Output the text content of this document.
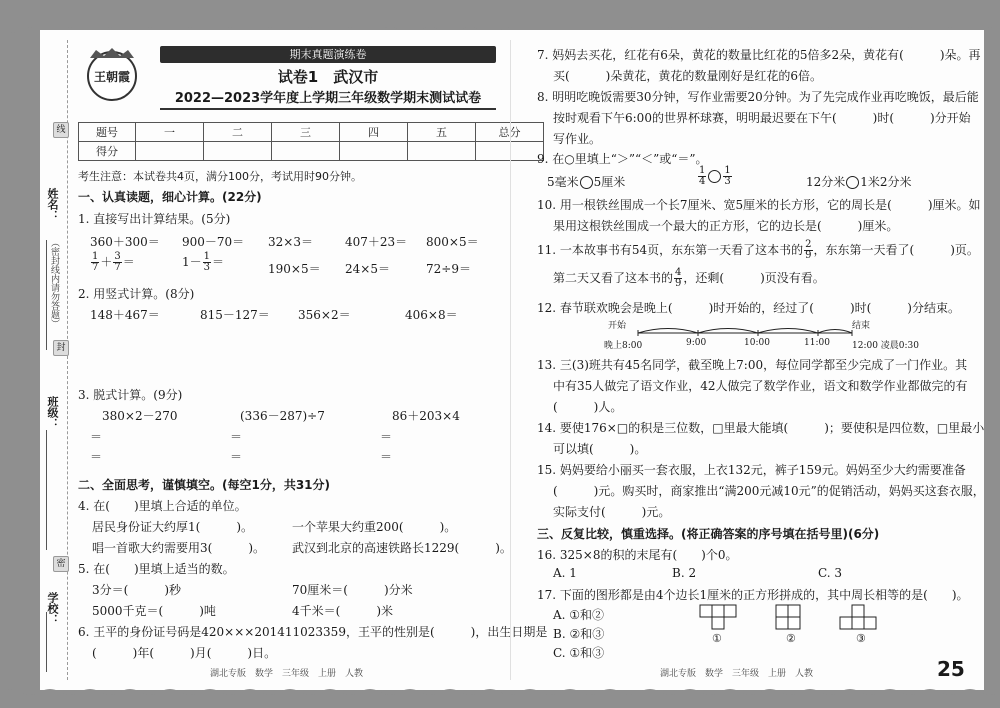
姓名：
班级：
学校：
线
封
密
（密封线内请勿答题）
王朝霞
期末真题演练卷
试卷1　武汉市
2022—2023学年度上学期三年级数学期末测试试卷
题号	一	二	三	四	五	总分
得分						
考生注意：本试卷共4页，满分100分，考试用时90分钟。
一、认真读题，细心计算。(22分)
1. 直接写出计算结果。(5分)
360＋300＝ 900－70＝ 32×3＝	407＋23＝ 800×5＝
$\frac{1}{7} + \frac{3}{7}$ ＝	$1- \frac{1}{3}$ ＝	190×5＝ 24×5＝	72÷9＝
2. 用竖式计算。(8分)
148＋467＝	815－127＝ 356×2＝	406×8＝
3. 脱式计算。(9分)
380×2－270	(336－287)÷7	86＋203×4
＝	＝	＝
＝	＝	＝
二、全面思考，谨慎填空。(每空1分，共31分)
4. 在(　　)里填上合适的单位。
居民身份证大约厚1(　　　)。	一个苹果大约重200(　　　)。
唱一首歌大约需要用3(　　　)。 武汉到北京的高速铁路长1229(　　　)。
5. 在(　　)里填上适当的数。
3分＝(　　　)秒	70厘米＝(　　　)分米
5000千克＝(　　　)吨	4千米＝(　　　)米
6. 王平的身份证号码是420×××201411023359，王平的性别是(　　　)，出生日期是
(　　　)年(　　　)月(　　　)日。
湖北专版　数学　三年级　上册　人教
7. 妈妈去买花，红花有6朵，黄花的数量比红花的5倍多2朵，黄花有(　　　)朵。再
买(　　　)朵黄花，黄花的数量刚好是红花的6倍。
8. 明明吃晚饭需要30分钟，写作业需要20分钟。为了先完成作业再吃晚饭，最后能
按时观看下午6:00的世界杯球赛，明明最迟要在下午(　　　)时(　　　)分开始
写作业。
9. 在○里填上“＞”“＜”或“＝”。
5毫米 5厘米	$\frac{1}{4} \frac{1}{3}$	12分米 1米2分米
10. 用一根铁丝围成一个长7厘米、宽5厘米的长方形，它的周长是(　　　)厘米。如
果用这根铁丝围成一个最大的正方形，它的边长是(　　　)厘米。
11. 一本故事书有54页，东东第一天看了这本书的 $\frac{2}{9}$ ，东东第一天看了(　　　)页。
第二天又看了这本书的 $\frac{4}{9}$ ，还剩(　　　)页没有看。
12. 春节联欢晚会是晚上(　　　)时开始的，经过了(　　　)时(　　　)分结束。
开始	结束
晚上8:00	9:00	10:00	11:00 12:00 凌晨0:30
13. 三(3)班共有45名同学，截至晚上7:00，每位同学都至少完成了一门作业。其
中有35人做完了语文作业，42人做完了数学作业，语文和数学作业都做完的有
(　　　)人。
14. 要使176×□的积是三位数，□里最大能填(　　　)；要使积是四位数，□里最小
可以填(　　　)。
15. 妈妈要给小丽买一套衣服，上衣132元，裤子159元。妈妈至少大约需要准备
(　　　)元。购买时，商家推出“满200元减10元”的促销活动，妈妈买这套衣服，
实际支付(　　　)元。
三、反复比较，慎重选择。(将正确答案的序号填在括号里)(6分)
16. 325×8的积的末尾有(　　)个0。
A. 1	B. 2	C. 3
17. 下面的图形都是由4个边长1厘米的正方形拼成的，其中周长相等的是(　　)。
A. ①和②
B. ②和③
C. ①和③
①	②	③
湖北专版　数学　三年级　上册　人教	25
